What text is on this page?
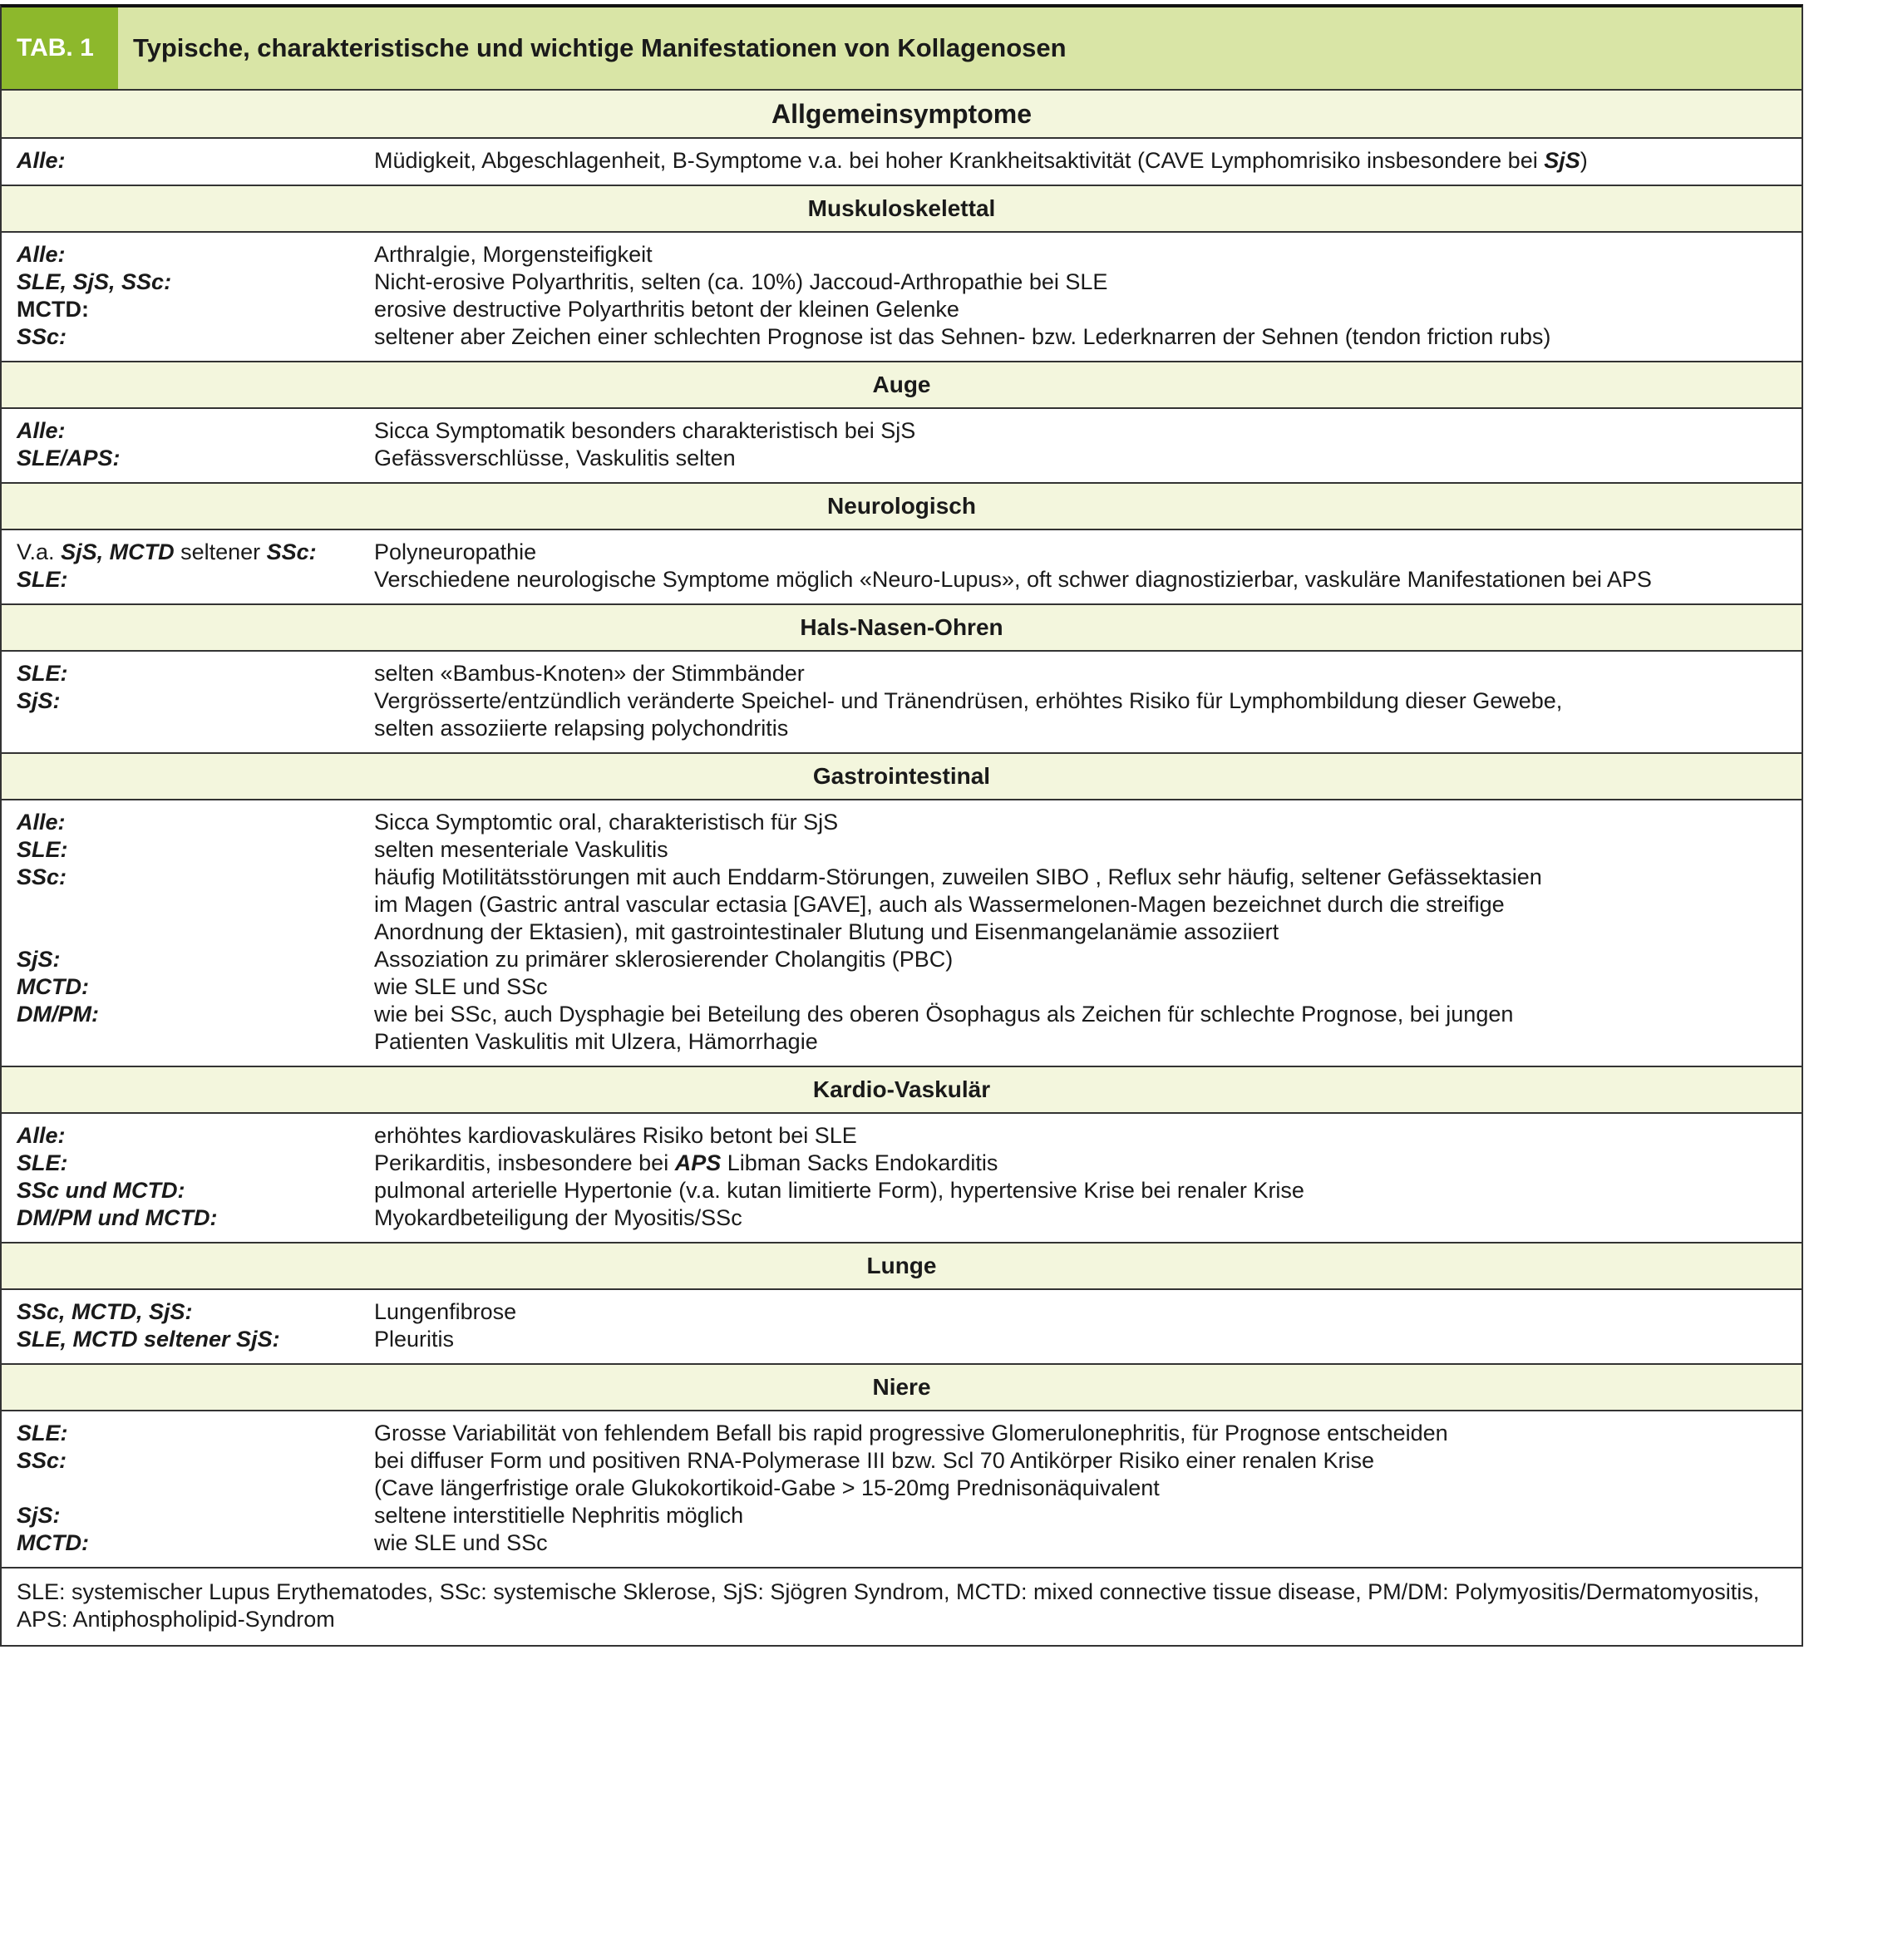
TAB. 1	Typische, charakteristische und wichtige Manifestationen von Kollagenosen
Allgemeinsymptome
Alle:	Müdigkeit, Abgeschlagenheit, B-Symptome v.a. bei hoher Krankheitsaktivität (CAVE Lymphomrisiko insbesondere bei SjS)
Muskuloskelettal
Alle:	Arthralgie, Morgensteifigkeit
SLE, SjS, SSc:	Nicht-erosive Polyarthritis, selten (ca. 10%) Jaccoud-Arthropathie bei SLE
MCTD:	erosive destructive Polyarthritis betont der kleinen Gelenke
SSc:	seltener aber Zeichen einer schlechten Prognose ist das Sehnen- bzw. Lederknarren der Sehnen (tendon friction rubs)
Auge
Alle:	Sicca Symptomatik besonders charakteristisch bei SjS
SLE/APS:	Gefässverschlüsse, Vaskulitis selten
Neurologisch
V.a. SjS, MCTD seltener SSc:	Polyneuropathie
SLE:	Verschiedene neurologische Symptome möglich «Neuro-Lupus», oft schwer diagnostizierbar, vaskuläre Manifestationen bei APS
Hals-Nasen-Ohren
SLE:	selten «Bambus-Knoten» der Stimmbänder
SjS:	Vergrösserte/entzündlich veränderte Speichel- und Tränendrüsen, erhöhtes Risiko für Lymphombildung dieser Gewebe,
selten assoziierte relapsing polychondritis
Gastrointestinal
Alle:	Sicca Symptomtic oral, charakteristisch für SjS
SLE:	selten mesenteriale Vaskulitis
SSc:	häufig Motilitätsstörungen mit auch Enddarm-Störungen, zuweilen SIBO , Reflux sehr häufig, seltener Gefässektasien
im Magen (Gastric antral vascular ectasia [GAVE], auch als Wassermelonen-Magen bezeichnet durch die streifige
Anordnung der Ektasien), mit gastrointestinaler Blutung und Eisenmangelanämie assoziiert
SjS:	Assoziation zu primärer sklerosierender Cholangitis (PBC)
MCTD:	wie SLE und SSc
DM/PM:	wie bei SSc, auch Dysphagie bei Beteilung des oberen Ösophagus als Zeichen für schlechte Prognose, bei jungen
Patienten Vaskulitis mit Ulzera, Hämorrhagie
Kardio-Vaskulär
Alle:	erhöhtes kardiovaskuläres Risiko betont bei SLE
SLE:	Perikarditis, insbesondere bei APS Libman Sacks Endokarditis
SSc und MCTD:	pulmonal arterielle Hypertonie (v.a. kutan limitierte Form), hypertensive Krise bei renaler Krise
DM/PM und MCTD:	Myokardbeteiligung der Myositis/SSc
Lunge
SSc, MCTD, SjS:	Lungenfibrose
SLE, MCTD seltener SjS:	Pleuritis
Niere
SLE:	Grosse Variabilität von fehlendem Befall bis rapid progressive Glomerulonephritis, für Prognose entscheiden
SSc:	bei diffuser Form und positiven RNA-Polymerase III bzw. Scl 70 Antikörper Risiko einer renalen Krise
(Cave längerfristige orale Glukokortikoid-Gabe > 15-20mg Prednisonäquivalent
SjS:	seltene interstitielle Nephritis möglich
MCTD:	wie SLE und SSc
SLE: systemischer Lupus Erythematodes, SSc: systemische Sklerose, SjS: Sjögren Syndrom, MCTD: mixed connective tissue disease, PM/DM: Polymyositis/Dermatomyositis,
APS: Antiphospholipid-Syndrom
